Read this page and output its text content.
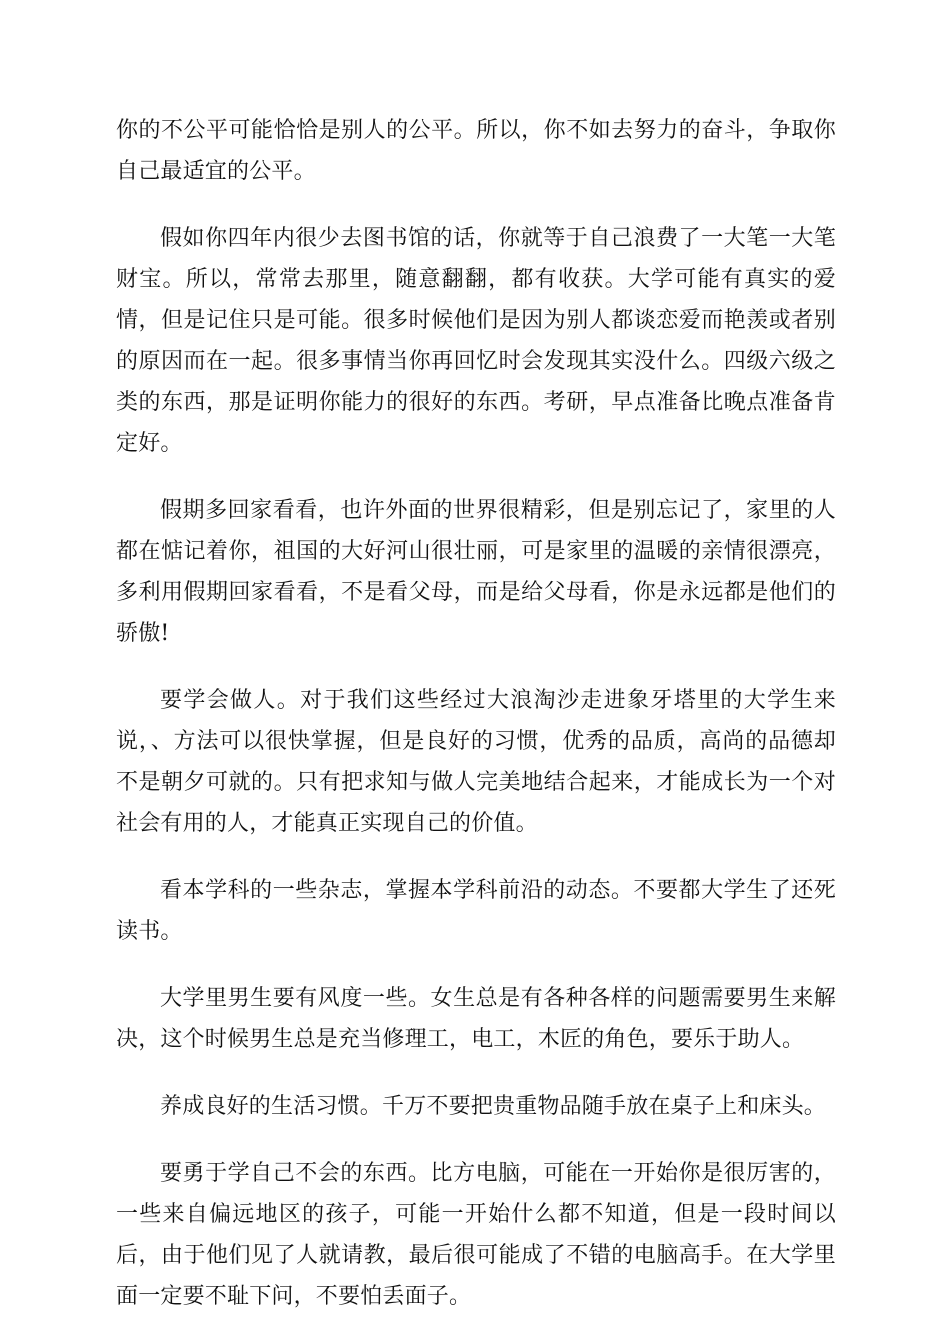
你的不公平可能恰恰是别人的公平。所以，你不如去努力的奋斗，争取你自己最适宜的公平。

假如你四年内很少去图书馆的话，你就等于自己浪费了一大笔一大笔财宝。所以，常常去那里，随意翻翻，都有收获。大学可能有真实的爱情，但是记住只是可能。很多时候他们是因为别人都谈恋爱而艳羡或者别的原因而在一起。很多事情当你再回忆时会发现其实没什么。四级六级之类的东西，那是证明你能力的很好的东西。考研，早点准备比晚点准备肯定好。

假期多回家看看，也许外面的世界很精彩，但是别忘记了，家里的人都在惦记着你，祖国的大好河山很壮丽，可是家里的温暖的亲情很漂亮，多利用假期回家看看，不是看父母，而是给父母看，你是永远都是他们的骄傲!

要学会做人。对于我们这些经过大浪淘沙走进象牙塔里的大学生来说，、方法可以很快掌握，但是良好的习惯，优秀的品质，高尚的品德却不是朝夕可就的。只有把求知与做人完美地结合起来，才能成长为一个对社会有用的人，才能真正实现自己的价值。

看本学科的一些杂志，掌握本学科前沿的动态。不要都大学生了还死读书。

大学里男生要有风度一些。女生总是有各种各样的问题需要男生来解决，这个时候男生总是充当修理工，电工，木匠的角色，要乐于助人。

养成良好的生活习惯。千万不要把贵重物品随手放在桌子上和床头。

要勇于学自己不会的东西。比方电脑，可能在一开始你是很厉害的，一些来自偏远地区的孩子，可能一开始什么都不知道，但是一段时间以后，由于他们见了人就请教，最后很可能成了不错的电脑高手。在大学里面一定要不耻下问，不要怕丢面子。
